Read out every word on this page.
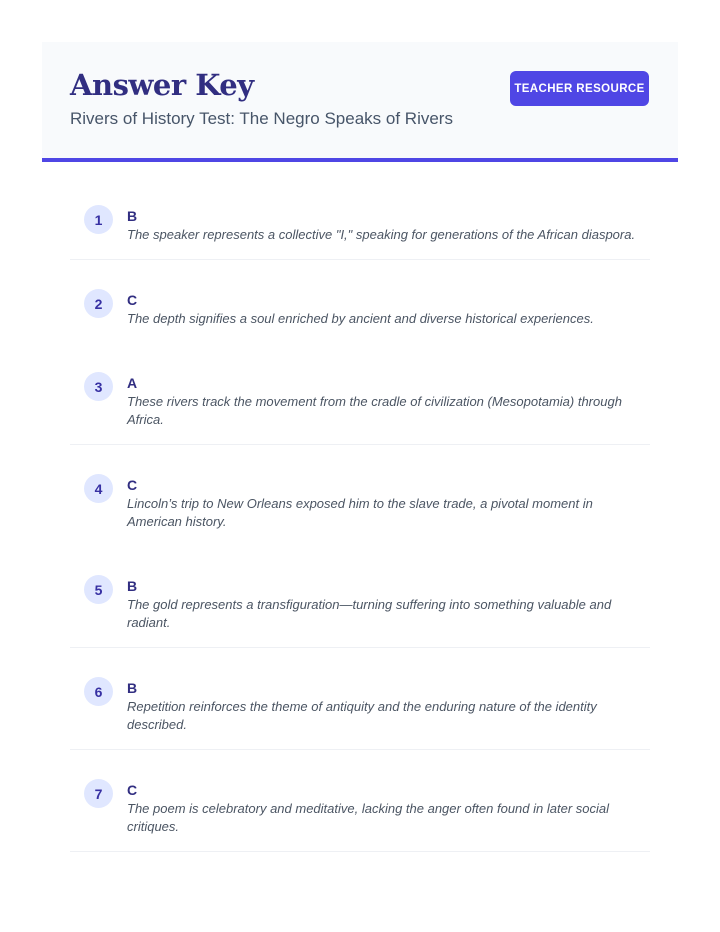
Answer Key
Rivers of History Test: The Negro Speaks of Rivers
TEACHER RESOURCE
1	B
The speaker represents a collective "I," speaking for generations of the African diaspora.
2	C
The depth signifies a soul enriched by ancient and diverse historical experiences.
3	A
These rivers track the movement from the cradle of civilization (Mesopotamia) through Africa.
4	C
Lincoln’s trip to New Orleans exposed him to the slave trade, a pivotal moment in American history.
5	B
The gold represents a transfiguration—turning suffering into something valuable and radiant.
6	B
Repetition reinforces the theme of antiquity and the enduring nature of the identity described.
7	C
The poem is celebratory and meditative, lacking the anger often found in later social critiques.
